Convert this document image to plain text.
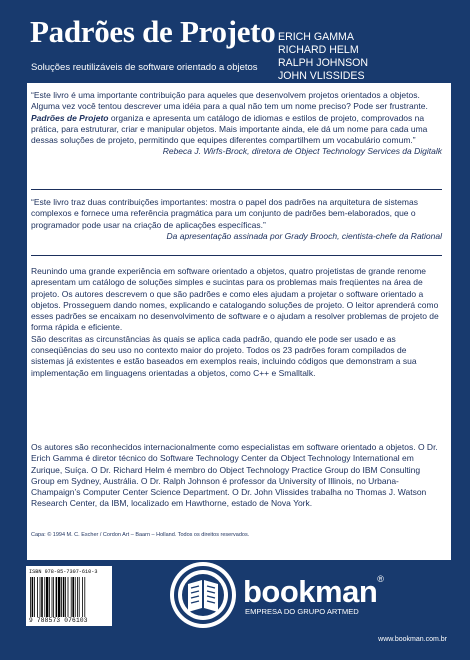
Padrões de Projeto
Soluções reutilizáveis de software orientado a objetos
ERICH GAMMA
RICHARD HELM
RALPH JOHNSON
JOHN VLISSIDES
“Este livro é uma importante contribuição para aqueles que desenvolvem projetos orientados a objetos. Alguma vez você tentou descrever uma idéia para a qual não tem um nome preciso? Pode ser frustrante. Padrões de Projeto organiza e apresenta um catálogo de idiomas e estilos de projeto, comprovados na prática, para estruturar, criar e manipular objetos. Mais importante ainda, ele dá um nome para cada uma dessas soluções de projeto, permitindo que equipes diferentes compartilhem um vocabulário comum.”
Rebeca J. Wirfs-Brock, diretora de Object Technology Services da Digitalk
“Este livro traz duas contribuições importantes: mostra o papel dos padrões na arquitetura de sistemas complexos e fornece uma referência pragmática para um conjunto de padrões bem-elaborados, que o programador pode usar na criação de aplicações específicas.”
Da apresentação assinada por Grady Brooch, cientista-chefe da Rational
Reunindo uma grande experiência em software orientado a objetos, quatro projetistas de grande renome apresentam um catálogo de soluções simples e sucintas para os problemas mais freqüentes na área de projeto. Os autores descrevem o que são padrões e como eles ajudam a projetar o software orientado a objetos. Prosseguem dando nomes, explicando e catalogando soluções de projeto. O leitor aprenderá como esses padrões se encaixam no desenvolvimento de software e o ajudam a resolver problemas de projeto de forma rápida e eficiente.
São descritas as circunstâncias às quais se aplica cada padrão, quando ele pode ser usado e as conseqüências do seu uso no contexto maior do projeto. Todos os 23 padrões foram compilados de sistemas já existentes e estão baseados em exemplos reais, incluindo códigos que demonstram a sua implementação em linguagens orientadas a objetos, como C++ e Smalltalk.
Os autores são reconhecidos internacionalmente como especialistas em software orientado a objetos. O Dr. Erich Gamma é diretor técnico do Software Technology Center da Object Technology International em Zurique, Suíça. O Dr. Richard Helm é membro do Object Technology Practice Group do IBM Consulting Group em Sydney, Austrália. O Dr. Ralph Johnson é professor da University of Illinois, no Urbana-Champaign’s Computer Center Science Department. O Dr. John Vlissides trabalha no Thomas J. Watson Research Center, da IBM, localizado em Hawthorne, estado de Nova York.
Capa: © 1994 M. C. Escher / Cordon Art – Baarn – Holland. Todos os direitos reservados.
ISBN 978-85-7307-610-3
9 788573 076103
bookman®
EMPRESA DO GRUPO ARTMED
www.bookman.com.br
